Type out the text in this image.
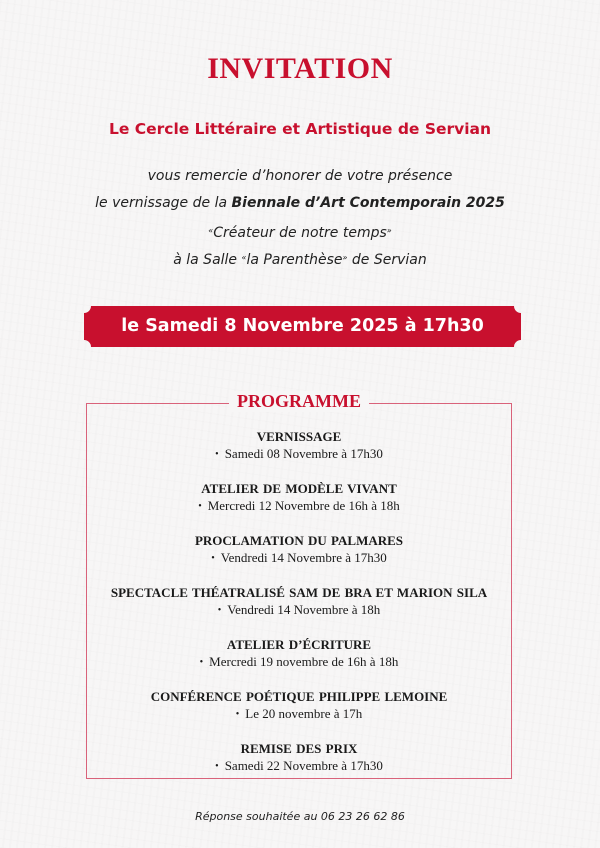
INVITATION
Le Cercle Littéraire et Artistique de Servian
vous remercie d’honorer de votre présence
le vernissage de la Biennale d’Art Contemporain 2025
«Créateur de notre temps»
à la Salle «la Parenthèse» de Servian
le Samedi 8 Novembre 2025 à 17h30
PROGRAMME
VERNISSAGE
• Samedi 08 Novembre à 17h30
ATELIER DE MODÈLE VIVANT
• Mercredi 12 Novembre de 16h à 18h
PROCLAMATION DU PALMARES
• Vendredi 14 Novembre à 17h30
SPECTACLE THÉATRALISÉ SAM DE BRA ET MARION SILA
• Vendredi 14 Novembre à 18h
ATELIER D’ÉCRITURE
• Mercredi 19 novembre de 16h à 18h
CONFÉRENCE POÉTIQUE PHILIPPE LEMOINE
• Le 20 novembre à 17h
REMISE DES PRIX
• Samedi 22 Novembre à 17h30
Réponse souhaitée au 06 23 26 62 86
